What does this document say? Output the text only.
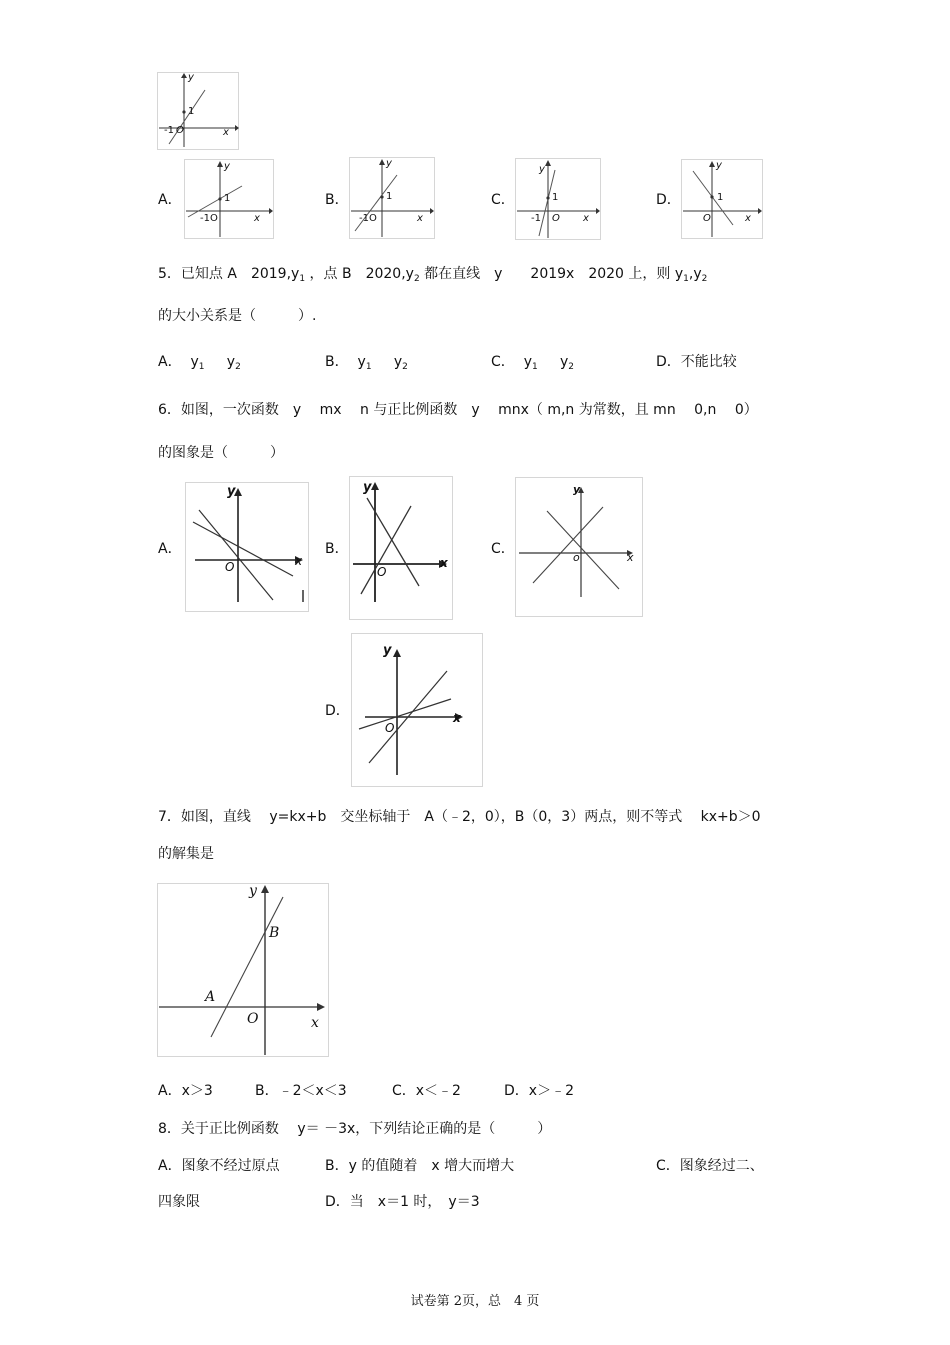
y
1
-1 O	x
A．
y
1
-1O	x
B．
y
1
-1O	x
C．
y
1
-1 O x
D．
y
1
O	x
5．已知点 A　$2019,y_1$ ，点 B　$2020,y_2$ 都在直线　y　　2019x　2020 上，则 $y_1,y_2$
的大小关系是（　　　）.
A． $y_1$ $y_2$	B． $y_1$ $y_2$	C． $y_1$ $y_2$	D．不能比较
6．如图，一次函数　y　 mx　 n 与正比例函数　y　 mnx（ m,n 为常数，且 mn　 0,n　 0）
的图象是（　　　）
A．
y
O	x
B．
y
O
x
C．
y
o	x
D．
y
O
x
7．如图，直线　 y=kx+b　交坐标轴于　A（﹣2，0），B（0，3）两点，则不等式　 kx+b＞0
的解集是
y
B
A
O	x
A．x＞3	B．﹣2＜x＜3	C．x＜﹣2	D．x＞﹣2
8．关于正比例函数　 y＝ －3x，下列结论正确的是（　　　）
A．图象不经过原点	B．y 的值随着　x 增大而增大	C．图象经过二、
四象限	D．当　x＝1 时，　y＝3
试卷第 2页，总　4 页
